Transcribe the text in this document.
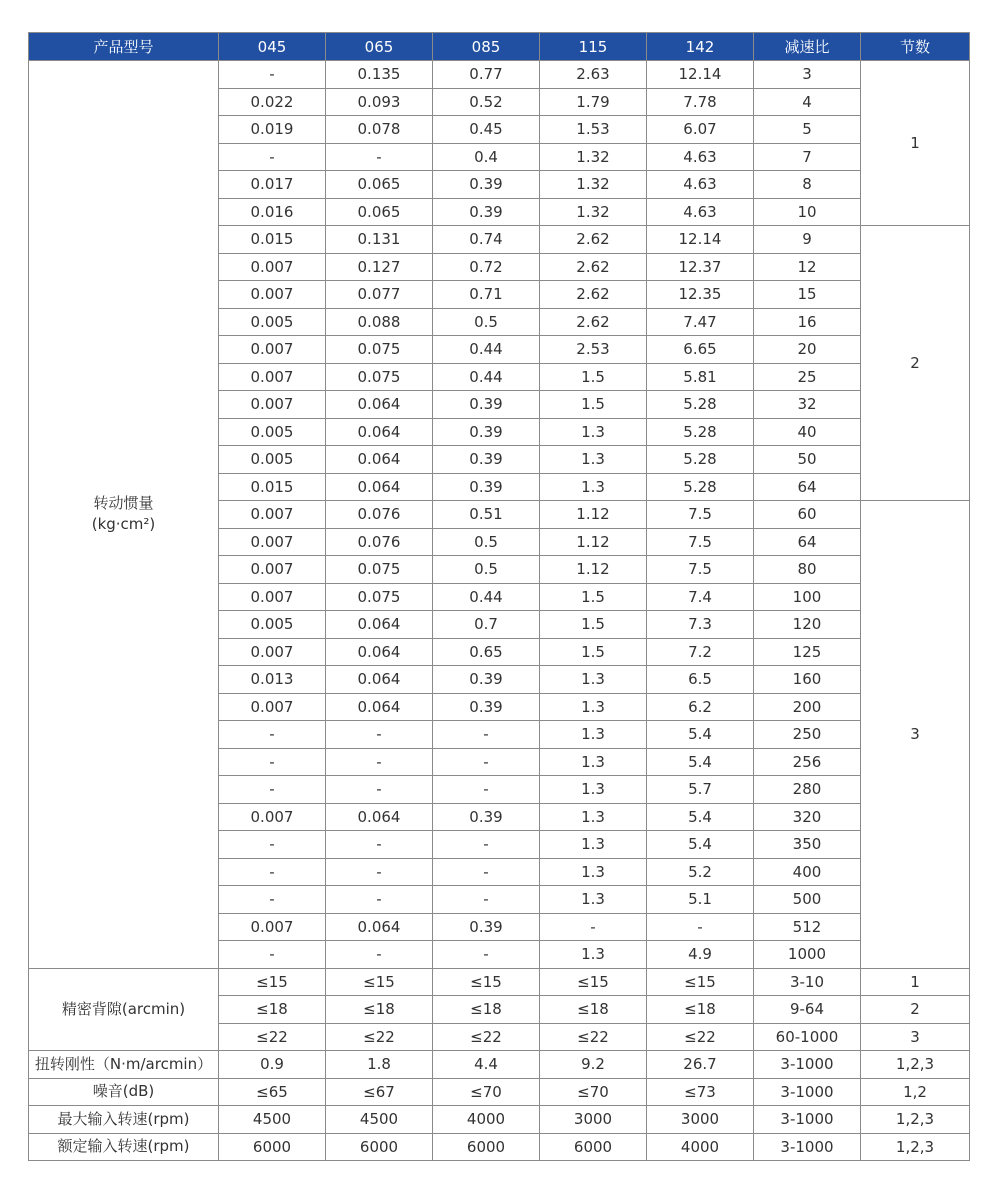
产品型号	045	065	085	115	142	减速比	节数

转动惯量
(kg·cm²)	-	0.135	0.77	2.63	12.14	3	1
	0.022	0.093	0.52	1.79	7.78	4	
	0.019	0.078	0.45	1.53	6.07	5	
	-	-	0.4	1.32	4.63	7	
	0.017	0.065	0.39	1.32	4.63	8	
	0.016	0.065	0.39	1.32	4.63	10	
	0.015	0.131	0.74	2.62	12.14	9	2
	0.007	0.127	0.72	2.62	12.37	12	
	0.007	0.077	0.71	2.62	12.35	15	
	0.005	0.088	0.5	2.62	7.47	16	
	0.007	0.075	0.44	2.53	6.65	20	
	0.007	0.075	0.44	1.5	5.81	25	
	0.007	0.064	0.39	1.5	5.28	32	
	0.005	0.064	0.39	1.3	5.28	40	
	0.005	0.064	0.39	1.3	5.28	50	
	0.015	0.064	0.39	1.3	5.28	64	
	0.007	0.076	0.51	1.12	7.5	60	3
	0.007	0.076	0.5	1.12	7.5	64	
	0.007	0.075	0.5	1.12	7.5	80	
	0.007	0.075	0.44	1.5	7.4	100	
	0.005	0.064	0.7	1.5	7.3	120	
	0.007	0.064	0.65	1.5	7.2	125	
	0.013	0.064	0.39	1.3	6.5	160	
	0.007	0.064	0.39	1.3	6.2	200	
	-	-	-	1.3	5.4	250	
	-	-	-	1.3	5.4	256	
	-	-	-	1.3	5.7	280	
	0.007	0.064	0.39	1.3	5.4	320	
	-	-	-	1.3	5.4	350	
	-	-	-	1.3	5.2	400	
	-	-	-	1.3	5.1	500	
	0.007	0.064	0.39	-	-	512	
	-	-	-	1.3	4.9	1000	
精密背隙(arcmin)	≤15	≤15	≤15	≤15	≤15	3-10	1
	≤18	≤18	≤18	≤18	≤18	9-64	2
	≤22	≤22	≤22	≤22	≤22	60-1000	3
扭转刚性（N·m/arcmin）	0.9	1.8	4.4	9.2	26.7	3-1000	1,2,3
噪音(dB)	≤65	≤67	≤70	≤70	≤73	3-1000	1,2
最大输入转速(rpm)	4500	4500	4000	3000	3000	3-1000	1,2,3
额定输入转速(rpm)	6000	6000	6000	6000	4000	3-1000	1,2,3
